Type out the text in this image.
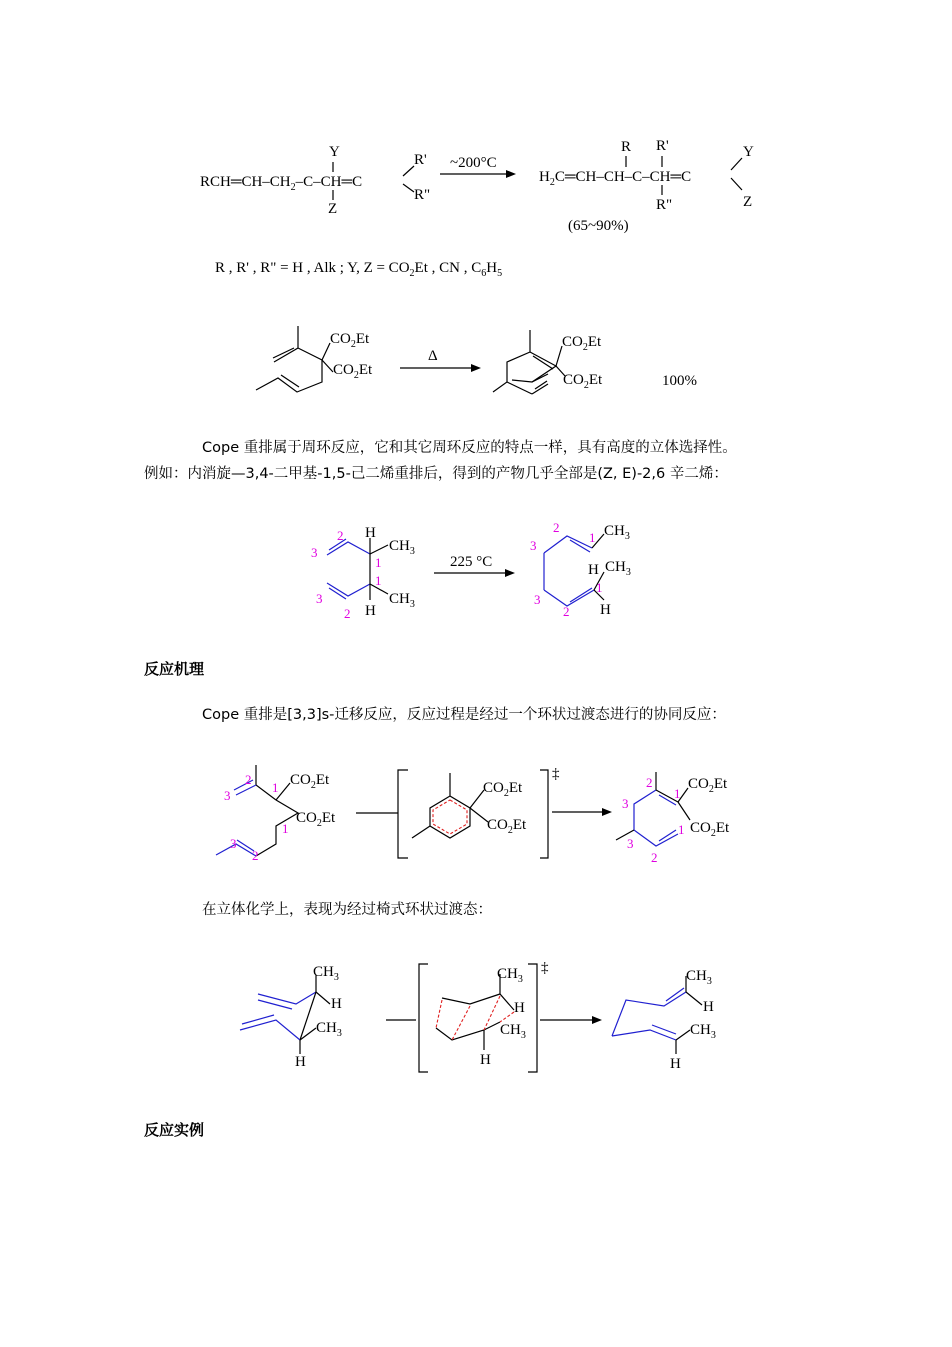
$RCH═CH-CH_2-C-CH═C$
Y
Z
R'
R"
~200°C
$H_2C═CH-CH-C-CH═C$
R R'
R"
Y
Z
(65~90%)
R , R' , R" = H , Alk ; Y, $Z = CO_2Et$ , CN , $C_6H_5$
$CO_2Et$
$CO_2Et$
Δ
$CO_2Et$
$CO_2Et$	100%
H
H
$CH_3$
$CH_3$
2
3
1
1
3
2
225 °C
$CH_3$
$CH_3$
H
H
2
3
1
3
2
1
$CO_2Et$
$CO_2Et$
2
3
1
1
3
2
‡
$CO_2Et$
$CO_2Et$
$CO_2Et$
$CO_2Et$
2
1
3
3
2
1
$CH_3$
H
$CH_3$
H
‡
$CH_3$
H
$CH_3$
H
$CH_3$
H
$CH_3$
H

Cope 重排属于周环反应，它和其它周环反应的特点一样，具有高度的立体选择性。

例如：内消旋—3,4-二甲基-1,5-己二烯重排后，得到的产物几乎全部是(Z, E)-2,6 辛二烯：

反应机理

Cope 重排是[3,3]s-迁移反应，反应过程是经过一个环状过渡态进行的协同反应：

在立体化学上，表现为经过椅式环状过渡态：

反应实例
